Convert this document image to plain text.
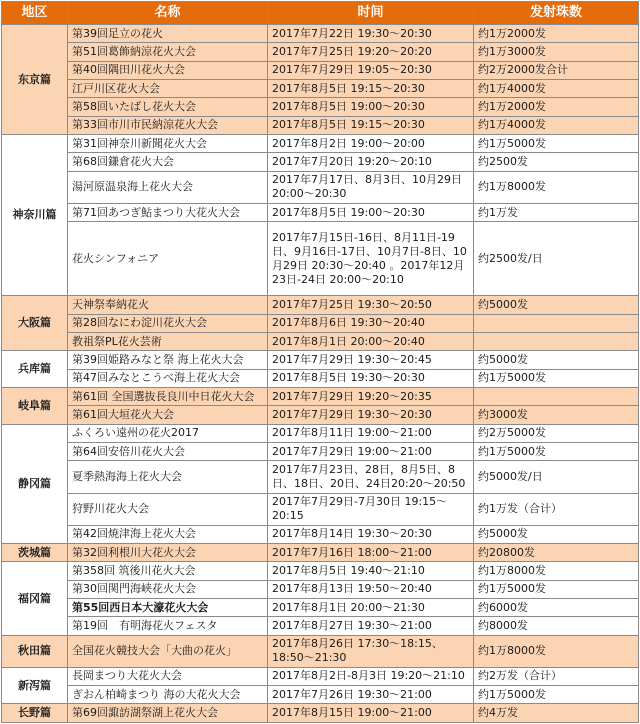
地区	名称	时间	发射珠数
东京篇	第39回足立の花火	2017年7月22日 19:30～20:30	约1万2000发
	第51回葛飾納涼花火大会	2017年7月25日 19:20～20:20	约1万3000发
	第40回隅田川花火大会	2017年7月29日 19:05～20:30	约2万2000发合计
	江戸川区花火大会	2017年8月5日 19:15～20:30	约1万4000发
	第58回いたばし花火大会	2017年8月5日 19:00～20:30	约1万2000发
	第33回市川市民納涼花火大会	2017年8月5日 19:15～20:30	约1万4000发
神奈川篇	第31回神奈川新聞花火大会	2017年8月2日 19:00～20:00	约1万5000发
	第68回鎌倉花火大会	2017年7月20日 19:20～20:10	约2500发
	湯河原温泉海上花火大会	2017年7月17日、8月3日、10月29日 20:00～20:30	约1万8000发
	第71回あつぎ鮎まつり大花火大会	2017年8月5日 19:00～20:30	约1万发
	花火シンフォニア	2017年7月15日-16日、8月11日-19日、9月16日-17日、10月7日-8日、10月29日 20:30～20:40 。2017年12月23日-24日 20:00～20:10	约2500发/日
大阪篇	天神祭奉納花火	2017年7月25日 19:30～20:50	约5000发
	第28回なにわ淀川花火大会	2017年8月6日 19:30～20:40	
	教祖祭PL花火芸術	2017年8月1日 20:00～20:40	
兵库篇	第39回姫路みなと祭 海上花火大会	2017年7月29日 19:30～20:45	约5000发
	第47回みなとこうべ海上花火大会	2017年8月5日 19:30～20:30	约1万5000发
岐阜篇	第61回 全国選抜長良川中日花火大会	2017年7月29日 19:20～20:35	
	第61回大垣花火大会	2017年7月29日 19:30～20:30	约3000发
静冈篇	ふくろい遠州の花火2017	2017年8月11日 19:00～21:00	约2万5000发
	第64回安倍川花火大会	2017年7月29日 19:00～21:00	约1万5000发
	夏季熱海海上花火大会	2017年7月23日、28日，8月5日、8日、18日、20日、24日20:20～20:50	约5000发/日
	狩野川花火大会	2017年7月29日-7月30日 19:15～20:15	约1万发（合计）
	第42回焼津海上花火大会	2017年8月14日 19:30～20:30	约5000发
茨城篇	第32回利根川大花火大会	2017年7月16日 18:00～21:00	约20800发
福冈篇	第358回 筑後川花火大会	2017年8月5日 19:40～21:10	约1万8000发
	第30回関門海峡花火大会	2017年8月13日 19:50～20:40	约1万5000发
	第55回西日本大濠花火大会	2017年8月1日 20:00～21:30	约6000发
	第19回　有明海花火フェスタ	2017年8月27日 19:30～21:00	约8000发
秋田篇	全国花火競技大会「大曲の花火」	2017年8月26日 17:30～18:15、18:50～21:30	约1万8000发
新泻篇	長岡まつり大花火大会	2017年8月2日-8月3日 19:20～21:10	约2万发（合计）
	ぎおん柏崎まつり 海の大花火大会	2017年7月26日 19:30～21:00	约1万5000发
长野篇	第69回諏訪湖祭湖上花火大会	2017年8月15日 19:00～21:00	约4万发
